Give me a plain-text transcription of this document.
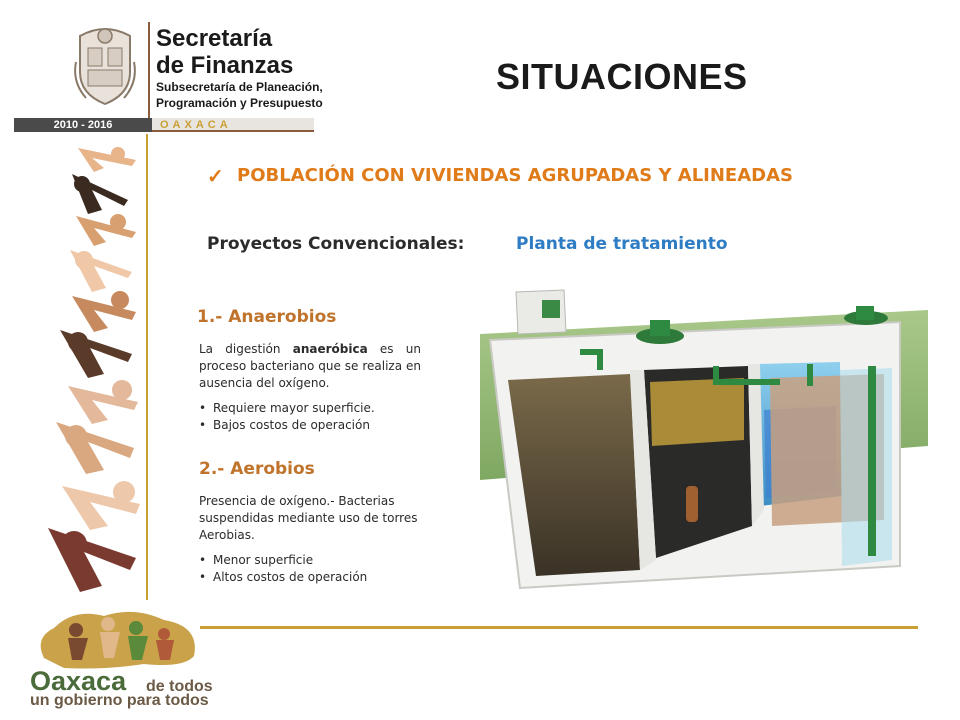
Secretaría
de Finanzas
Subsecretaría de Planeación,
Programación y Presupuesto
2010 - 2016	OAXACA
SITUACIONES
✓ POBLACIÓN CON VIVIENDAS AGRUPADAS Y ALINEADAS
Proyectos Convencionales:	Planta de tratamiento
1.- Anaerobios
La digestión anaeróbica es un proceso bacteriano que se realiza en ausencia del oxígeno.
• Requiere mayor superficie.
• Bajos costos de operación
2.- Aerobios
Presencia de oxígeno.- Bacterias suspendidas mediante uso de torres Aerobias.
• Menor superficie
• Altos costos de operación
Oaxaca de todos
un gobierno para todos
